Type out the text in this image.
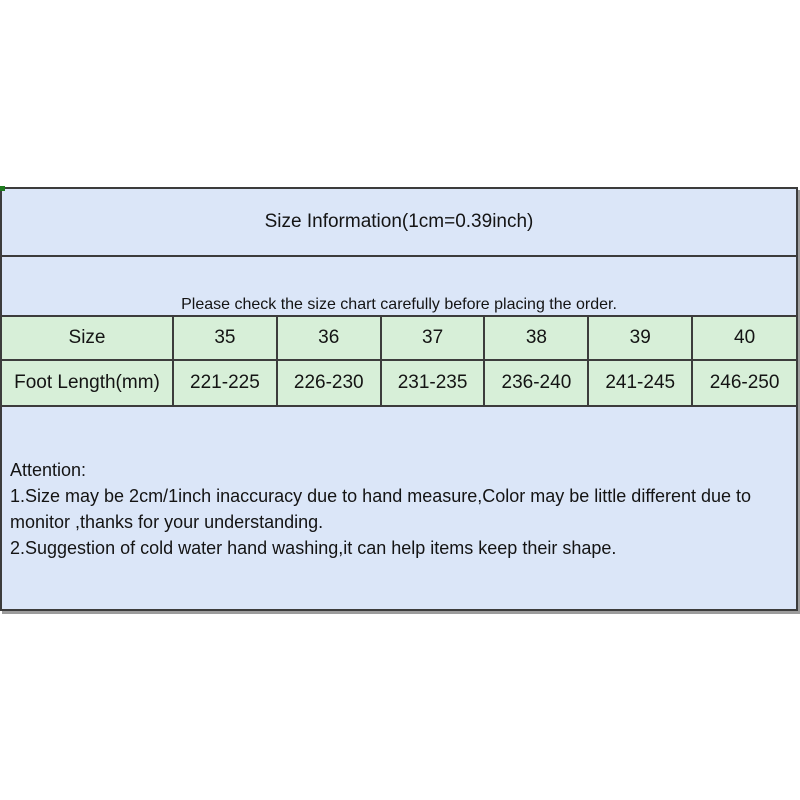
Size Information(1cm=0.39inch)
Please check the size chart carefully before placing the order.
Size	35	36	37	38	39	40
Foot Length(mm)	221-225	226-230	231-235	236-240	241-245	246-250
Attention:
1.Size may be 2cm/1inch inaccuracy due to hand measure,Color may be little different due to monitor ,thanks for your understanding.
2.Suggestion of cold water hand washing,it can help items keep their shape.
